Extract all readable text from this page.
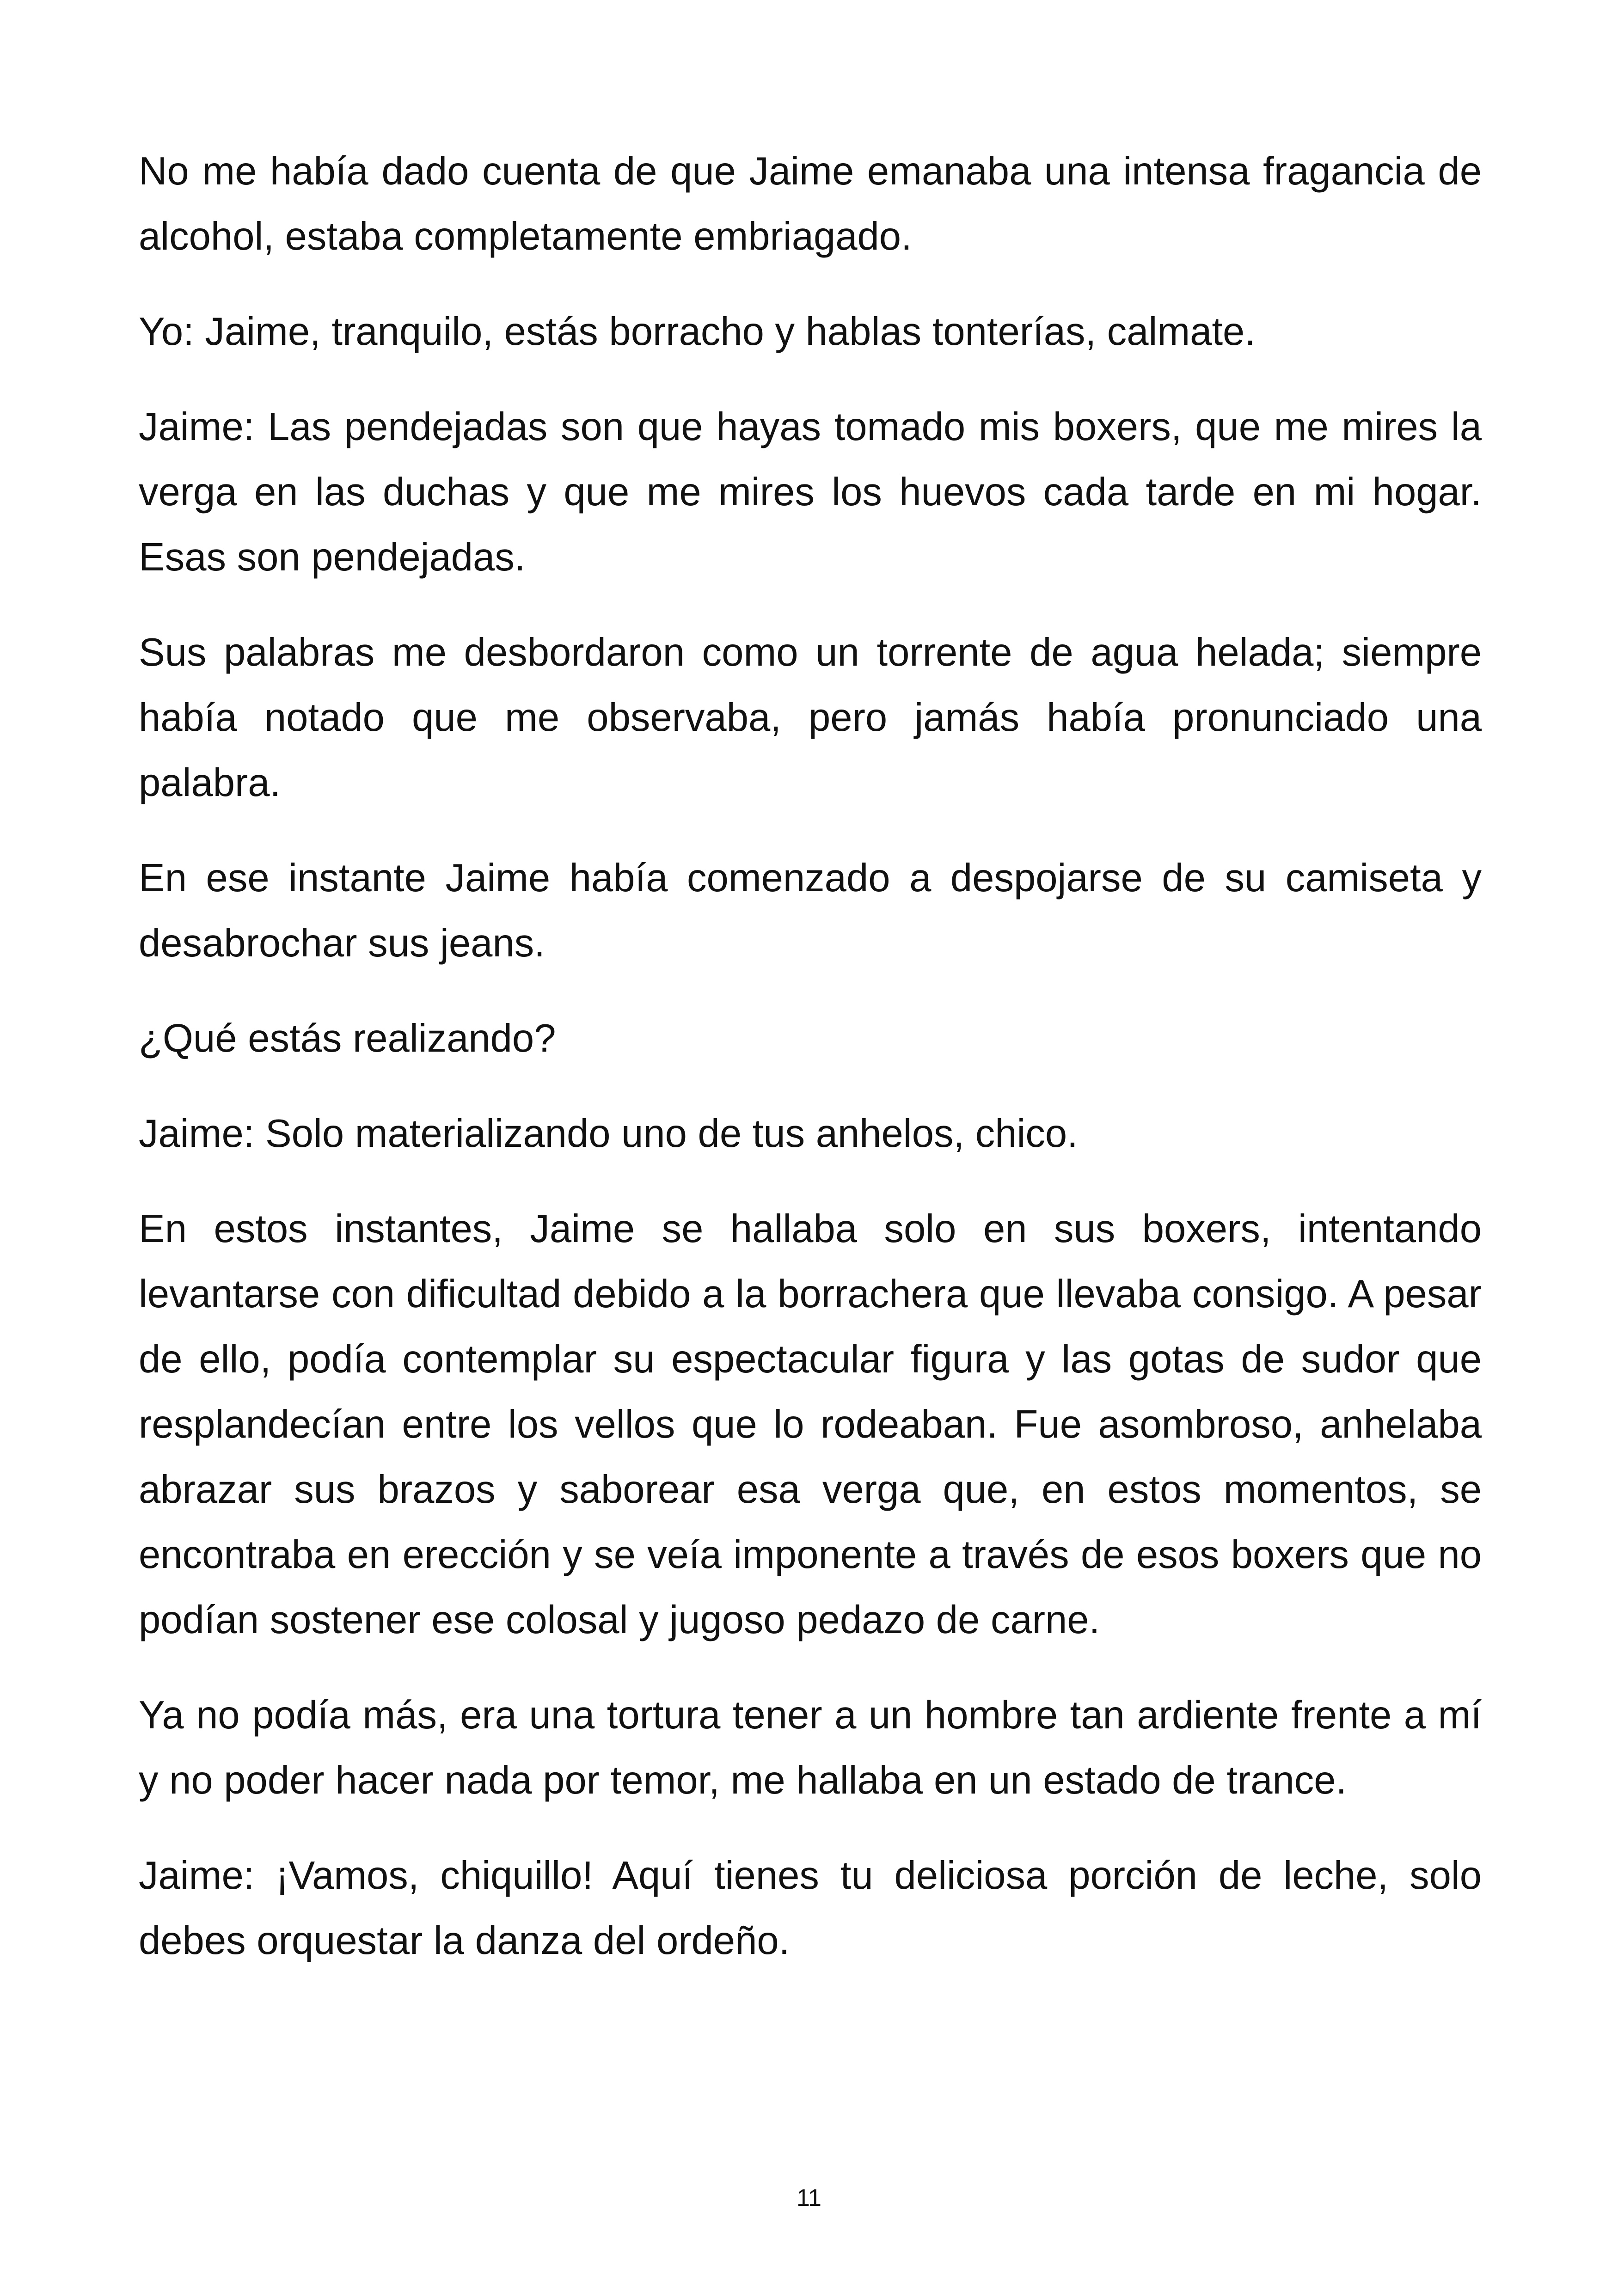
No me había dado cuenta de que Jaime emanaba una intensa fragancia de alcohol, estaba completamente embriagado.

Yo: Jaime, tranquilo, estás borracho y hablas tonterías, calmate.

Jaime: Las pendejadas son que hayas tomado mis boxers, que me mires la verga en las duchas y que me mires los huevos cada tarde en mi hogar. Esas son pendejadas.

Sus palabras me desbordaron como un torrente de agua helada; siempre había notado que me observaba, pero jamás había pronunciado una palabra.

En ese instante Jaime había comenzado a despojarse de su camiseta y desabrochar sus jeans.

¿Qué estás realizando?

Jaime: Solo materializando uno de tus anhelos, chico.

En estos instantes, Jaime se hallaba solo en sus boxers, intentando levantarse con dificultad debido a la borrachera que llevaba consigo. A pesar de ello, podía contemplar su espectacular figura y las gotas de sudor que resplandecían entre los vellos que lo rodeaban. Fue asombroso, anhelaba abrazar sus brazos y saborear esa verga que, en estos momentos, se encontraba en erección y se veía imponente a través de esos boxers que no podían sostener ese colosal y jugoso pedazo de carne.

Ya no podía más, era una tortura tener a un hombre tan ardiente frente a mí y no poder hacer nada por temor, me hallaba en un estado de trance.

Jaime: ¡Vamos, chiquillo! Aquí tienes tu deliciosa porción de leche, solo debes orquestar la danza del ordeño.

11
